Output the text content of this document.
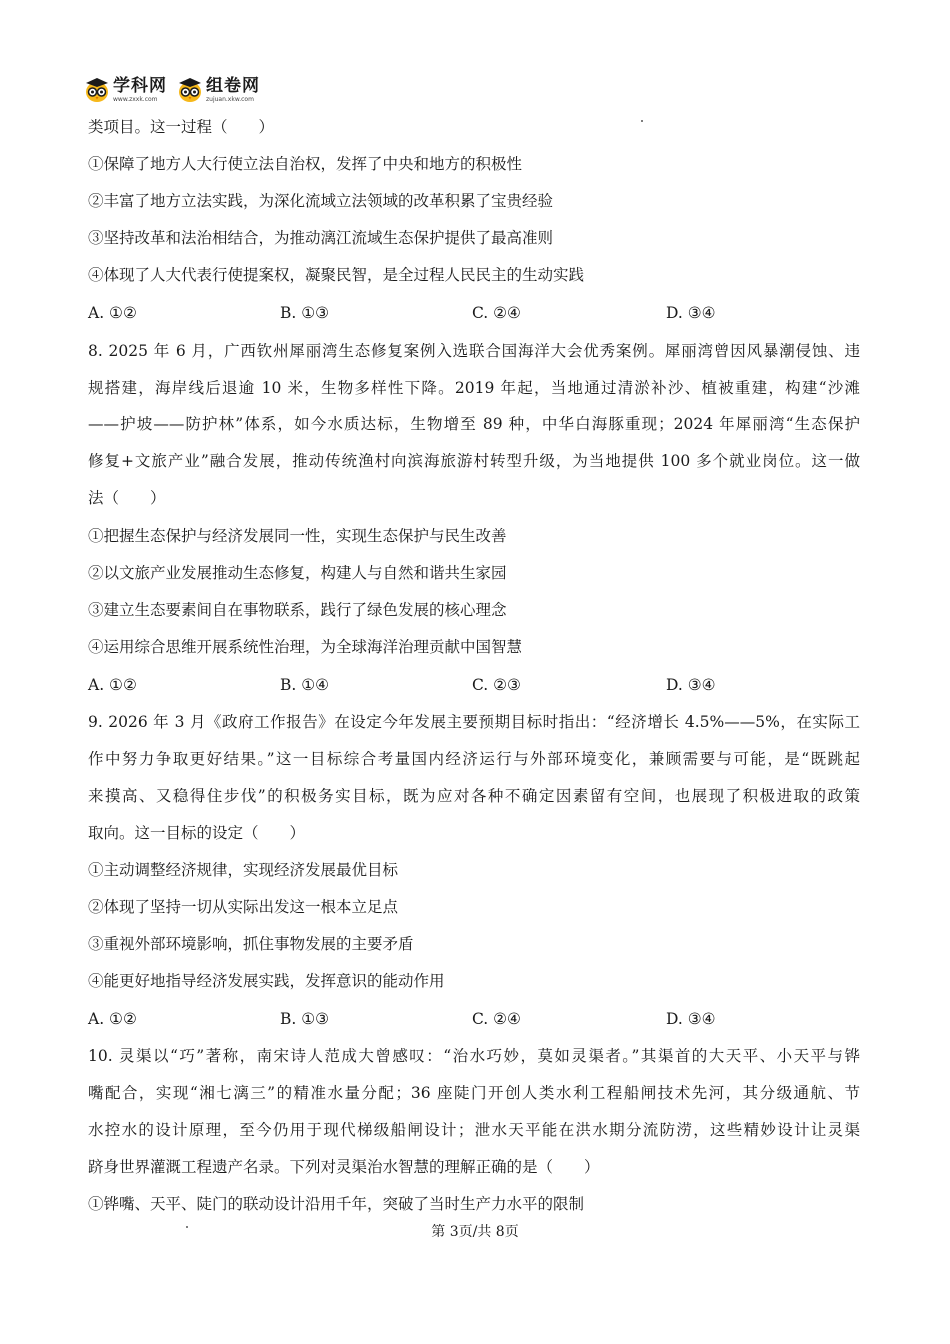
学科网
www.zxxk.com
组卷网
zujuan.xkw.com
类项目。这一过程（　　）
①保障了地方人大行使立法自治权，发挥了中央和地方的积极性
②丰富了地方立法实践，为深化流域立法领域的改革积累了宝贵经验
③坚持改革和法治相结合，为推动漓江流域生态保护提供了最高准则
④体现了人大代表行使提案权，凝聚民智，是全过程人民民主的生动实践
A. ①②	B. ①③	C. ②④	D. ③④
8. 2025 年 6 月，广西钦州犀丽湾生态修复案例入选联合国海洋大会优秀案例。犀丽湾曾因风暴潮侵蚀、违
规搭建，海岸线后退逾 10 米，生物多样性下降。2019 年起，当地通过清淤补沙、植被重建，构建“沙滩
——护坡——防护林”体系，如今水质达标，生物增至 89 种，中华白海豚重现；2024 年犀丽湾“生态保护
修复+文旅产业”融合发展，推动传统渔村向滨海旅游村转型升级，为当地提供 100 多个就业岗位。这一做
法（　　）
①把握生态保护与经济发展同一性，实现生态保护与民生改善
②以文旅产业发展推动生态修复，构建人与自然和谐共生家园
③建立生态要素间自在事物联系，践行了绿色发展的核心理念
④运用综合思维开展系统性治理，为全球海洋治理贡献中国智慧
A. ①②	B. ①④	C. ②③	D. ③④
9. 2026 年 3 月《政府工作报告》在设定今年发展主要预期目标时指出：“经济增长 4.5%——5%，在实际工
作中努力争取更好结果。”这一目标综合考量国内经济运行与外部环境变化，兼顾需要与可能，是“既跳起
来摸高、又稳得住步伐”的积极务实目标，既为应对各种不确定因素留有空间，也展现了积极进取的政策
取向。这一目标的设定（　　）
①主动调整经济规律，实现经济发展最优目标
②体现了坚持一切从实际出发这一根本立足点
③重视外部环境影响，抓住事物发展的主要矛盾
④能更好地指导经济发展实践，发挥意识的能动作用
A. ①②	B. ①③	C. ②④	D. ③④
10. 灵渠以“巧”著称，南宋诗人范成大曾感叹：“治水巧妙，莫如灵渠者。”其渠首的大天平、小天平与铧
嘴配合，实现“湘七漓三”的精准水量分配；36 座陡门开创人类水利工程船闸技术先河，其分级通航、节
水控水的设计原理，至今仍用于现代梯级船闸设计；泄水天平能在洪水期分流防涝，这些精妙设计让灵渠
跻身世界灌溉工程遗产名录。下列对灵渠治水智慧的理解正确的是（　　）
①铧嘴、天平、陡门的联动设计沿用千年，突破了当时生产力水平的限制
第 3页/共 8页
